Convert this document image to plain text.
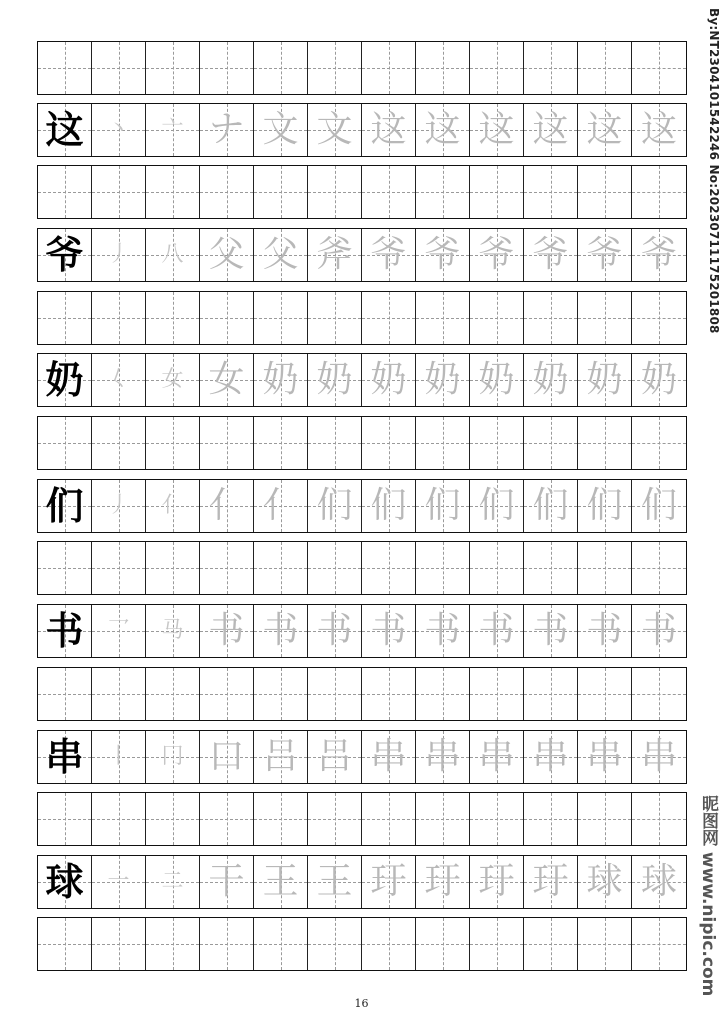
这	丶	亠 ナ 文 文 这 这 这 这 这 这
爷	丿	八 父 父 斧 爷 爷 爷 爷 爷 爷
奶	𡿨	女 女 奶 奶 奶 奶 奶 奶 奶 奶
们	丿	亻 亻 亻 们 们 们 们 们 们 们
书	乛	马 书 书 书 书 书 书 书 书 书
串	丨	冂 口 吕 吕 串 串 串 串 串 串
球	一	二 干 王 王 玗 玗 玗 玗 球 球
By:NT2304101542246 No:20230711175201808
昵图网 www.nipic.com
16
